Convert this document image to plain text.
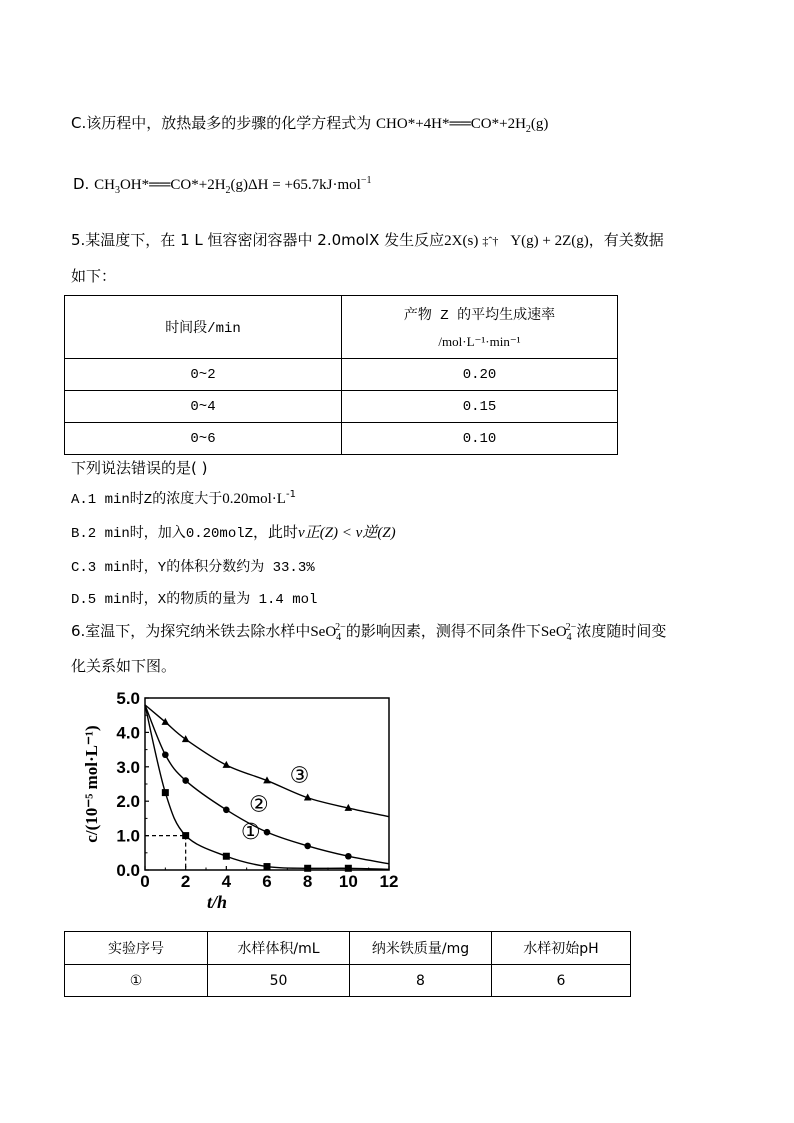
C.该历程中，放热最多的步骤的化学方程式为 $CHO*+4H*══CO*+2H_2(g)$
D. $CH_3OH*══CO*+2H_2(g)\Delta H = +65.7kJ\cdot mol^{-1}$
5.某温度下，在 1 L 恒容密闭容器中 2.0molX 发生反应2X(s) ‡ˆ† Y(g) + 2Z(g)，有关数据
如下：
时间段/min	产物 Z 的平均生成速率
/mol·L⁻¹·min⁻¹

0~2	0.20
0~4	0.15
0~6	0.10
下列说法错误的是( )
A.1 min时Z的浓度大于$0.20mol\cdot L^{-1}$
B.2 min时，加入0.20molZ，此时v正(Z) < v逆(Z)
C.3 min时，Y的体积分数约为 33.3%
D.5 min时，X的物质的量为 1.4 mol
6.室温下，为探究纳米铁去除水样中SeO$_4^{2-}$的影响因素，测得不同条件下SeO$_4^{2-}$浓度随时间变
化关系如下图。
0 2 4 6 8 10 12
0.0
1.0
2.0
3.0
4.0
5.0
t/h
c/(10⁻⁵ mol·L⁻¹)	①
②
③
实验序号	水样体积/mL	纳米铁质量/mg	水样初始pH
①	50	8	6
